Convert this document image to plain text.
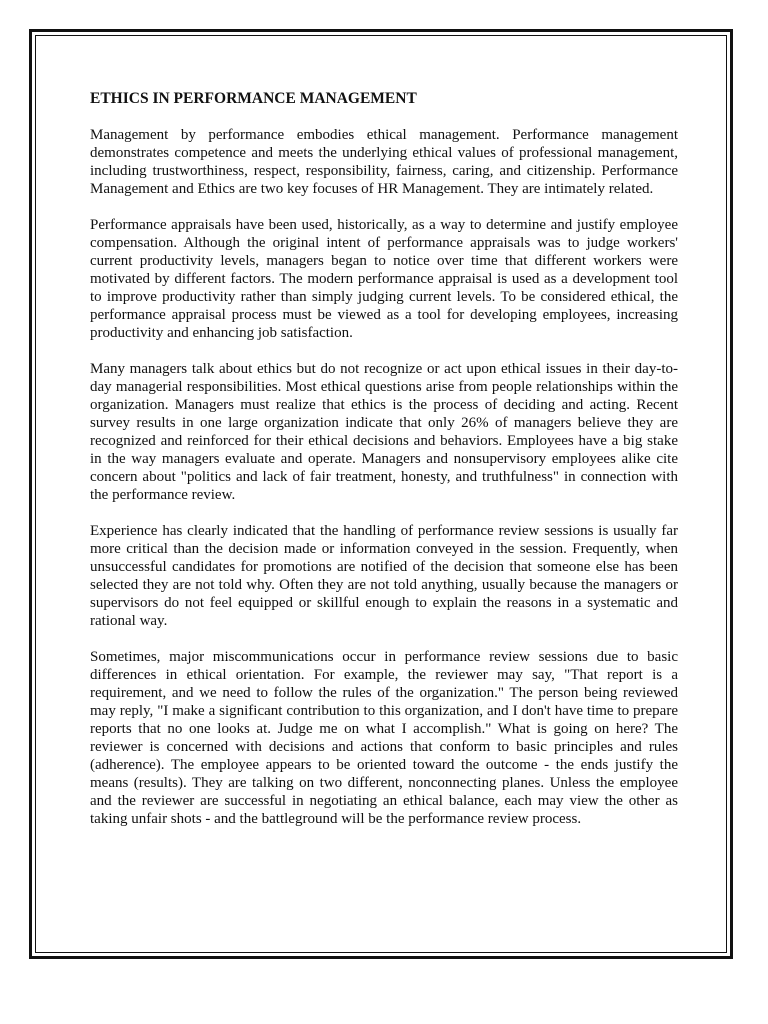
ETHICS IN PERFORMANCE MANAGEMENT

Management by performance embodies ethical management. Performance management demonstrates competence and meets the underlying ethical values of professional management, including trustworthiness, respect, responsibility, fairness, caring, and citizenship. Performance Management and Ethics are two key focuses of HR Management. They are intimately related.

Performance appraisals have been used, historically, as a way to determine and justify employee compensation. Although the original intent of performance appraisals was to judge workers' current productivity levels, managers began to notice over time that different workers were motivated by different factors. The modern performance appraisal is used as a development tool to improve productivity rather than simply judging current levels. To be considered ethical, the performance appraisal process must be viewed as a tool for developing employees, increasing productivity and enhancing job satisfaction.

Many managers talk about ethics but do not recognize or act upon ethical issues in their day-to-day managerial responsibilities. Most ethical questions arise from people relationships within the organization. Managers must realize that ethics is the process of deciding and acting. Recent survey results in one large organization indicate that only 26% of managers believe they are recognized and reinforced for their ethical decisions and behaviors. Employees have a big stake in the way managers evaluate and operate. Managers and nonsupervisory employees alike cite concern about "politics and lack of fair treatment, honesty, and truthfulness" in connection with the performance review.

Experience has clearly indicated that the handling of performance review sessions is usually far more critical than the decision made or information conveyed in the session. Frequently, when unsuccessful candidates for promotions are notified of the decision that someone else has been selected they are not told why. Often they are not told anything, usually because the managers or supervisors do not feel equipped or skillful enough to explain the reasons in a systematic and rational way.

Sometimes, major miscommunications occur in performance review sessions due to basic differences in ethical orientation. For example, the reviewer may say, "That report is a requirement, and we need to follow the rules of the organization." The person being reviewed may reply, "I make a significant contribution to this organization, and I don't have time to prepare reports that no one looks at. Judge me on what I accomplish." What is going on here? The reviewer is concerned with decisions and actions that conform to basic principles and rules (adherence). The employee appears to be oriented toward the outcome - the ends justify the means (results). They are talking on two different, nonconnecting planes. Unless the employee and the reviewer are successful in negotiating an ethical balance, each may view the other as taking unfair shots - and the battleground will be the performance review process.
